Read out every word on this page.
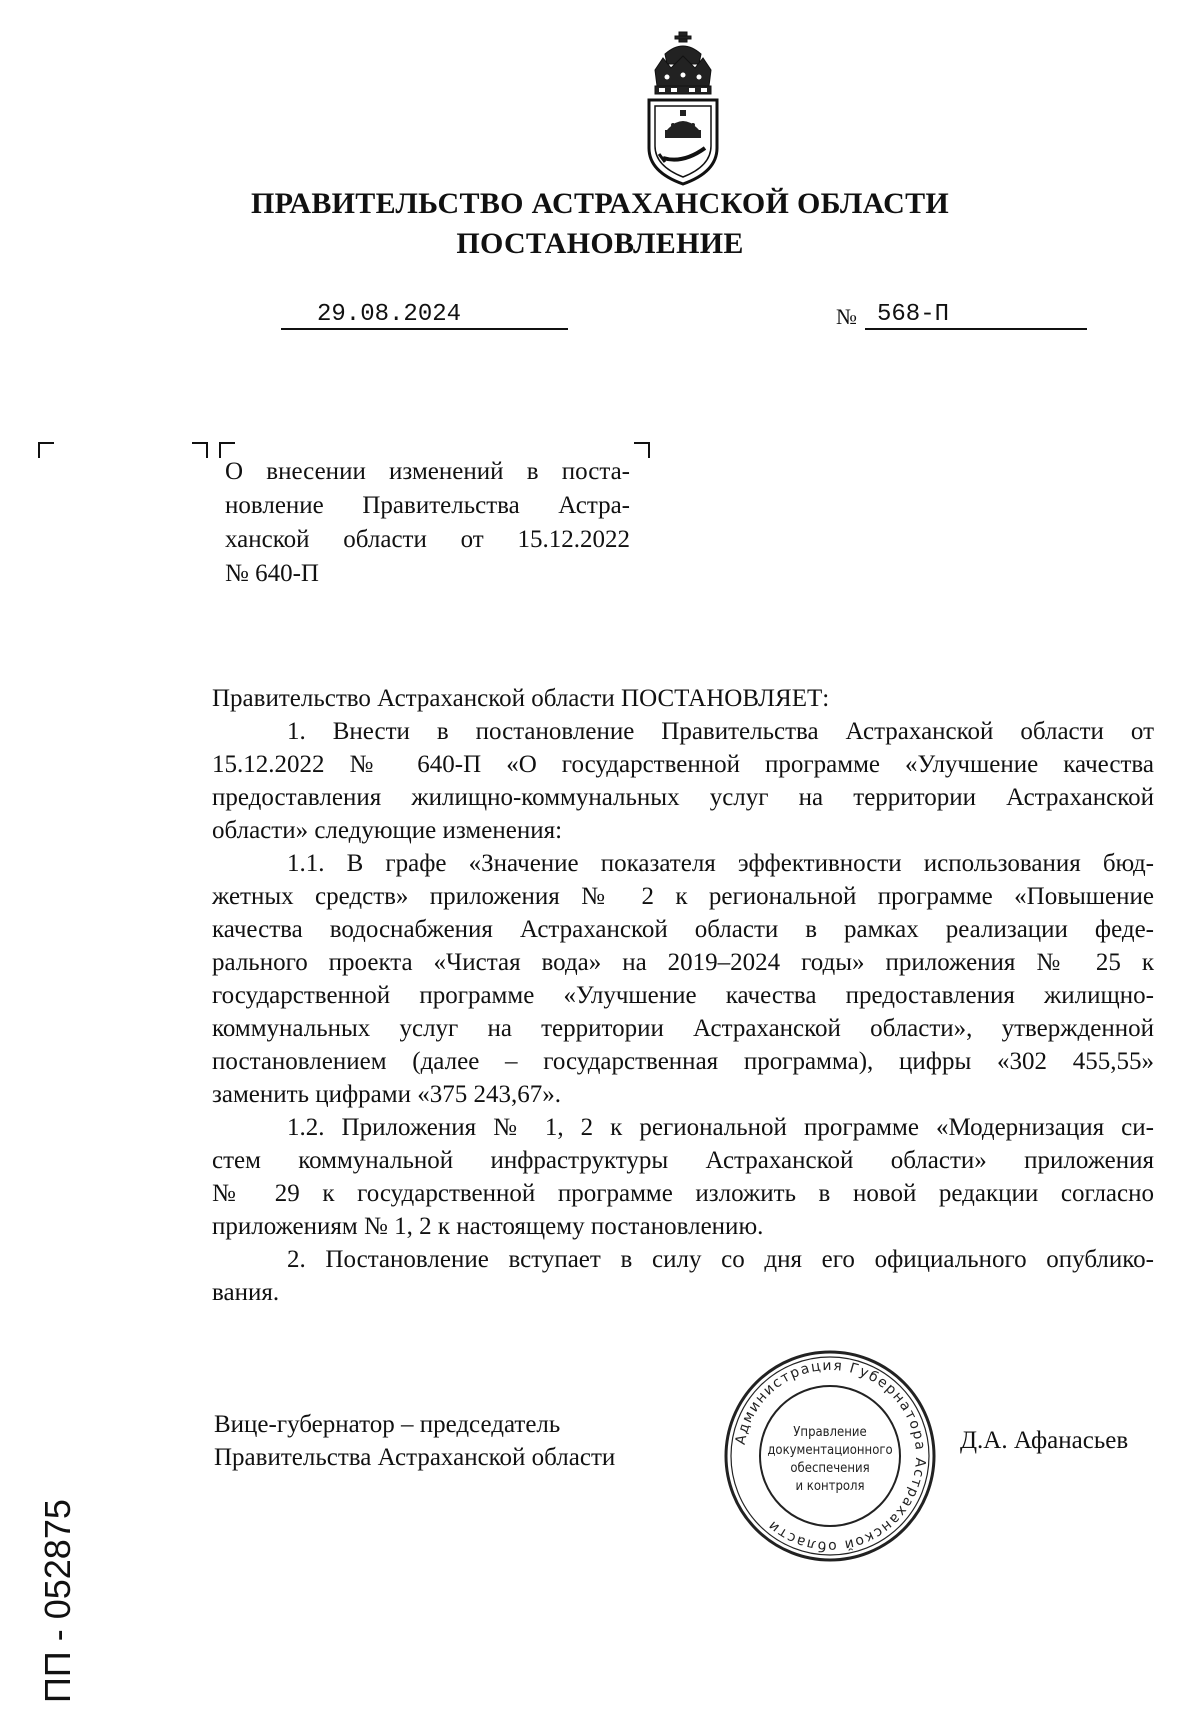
ПРАВИТЕЛЬСТВО АСТРАХАНСКОЙ ОБЛАСТИ
ПОСТАНОВЛЕНИЕ
29.08.2024	№ 568-П
О внесении изменений в поста-
новление Правительства Астра-
ханской области от 15.12.2022
№ 640-П
Правительство Астраханской области ПОСТАНОВЛЯЕТ:
1. Внести в постановление Правительства Астраханской области от
15.12.2022 № 640-П «О государственной программе «Улучшение качества
предоставления жилищно-коммунальных услуг на территории Астраханской
области» следующие изменения:
1.1. В графе «Значение показателя эффективности использования бюд-
жетных средств» приложения № 2 к региональной программе «Повышение
качества водоснабжения Астраханской области в рамках реализации феде-
рального проекта «Чистая вода» на 2019–2024 годы» приложения № 25 к
государственной программе «Улучшение качества предоставления жилищно-
коммунальных услуг на территории Астраханской области», утвержденной
постановлением (далее – государственная программа), цифры «302 455,55»
заменить цифрами «375 243,67».
1.2. Приложения № 1, 2 к региональной программе «Модернизация си-
стем коммунальной инфраструктуры Астраханской области» приложения
№ 29 к государственной программе изложить в новой редакции согласно
приложениям № 1, 2 к настоящему постановлению.
2. Постановление вступает в силу со дня его официального опублико-
вания.
Вице-губернатор – председатель
Правительства Астраханской области
Д.А. Афанасьев
Администрация Губернатора Астраханской области
Управление
документационного
обеспечения
и контроля
ПП - 052875
